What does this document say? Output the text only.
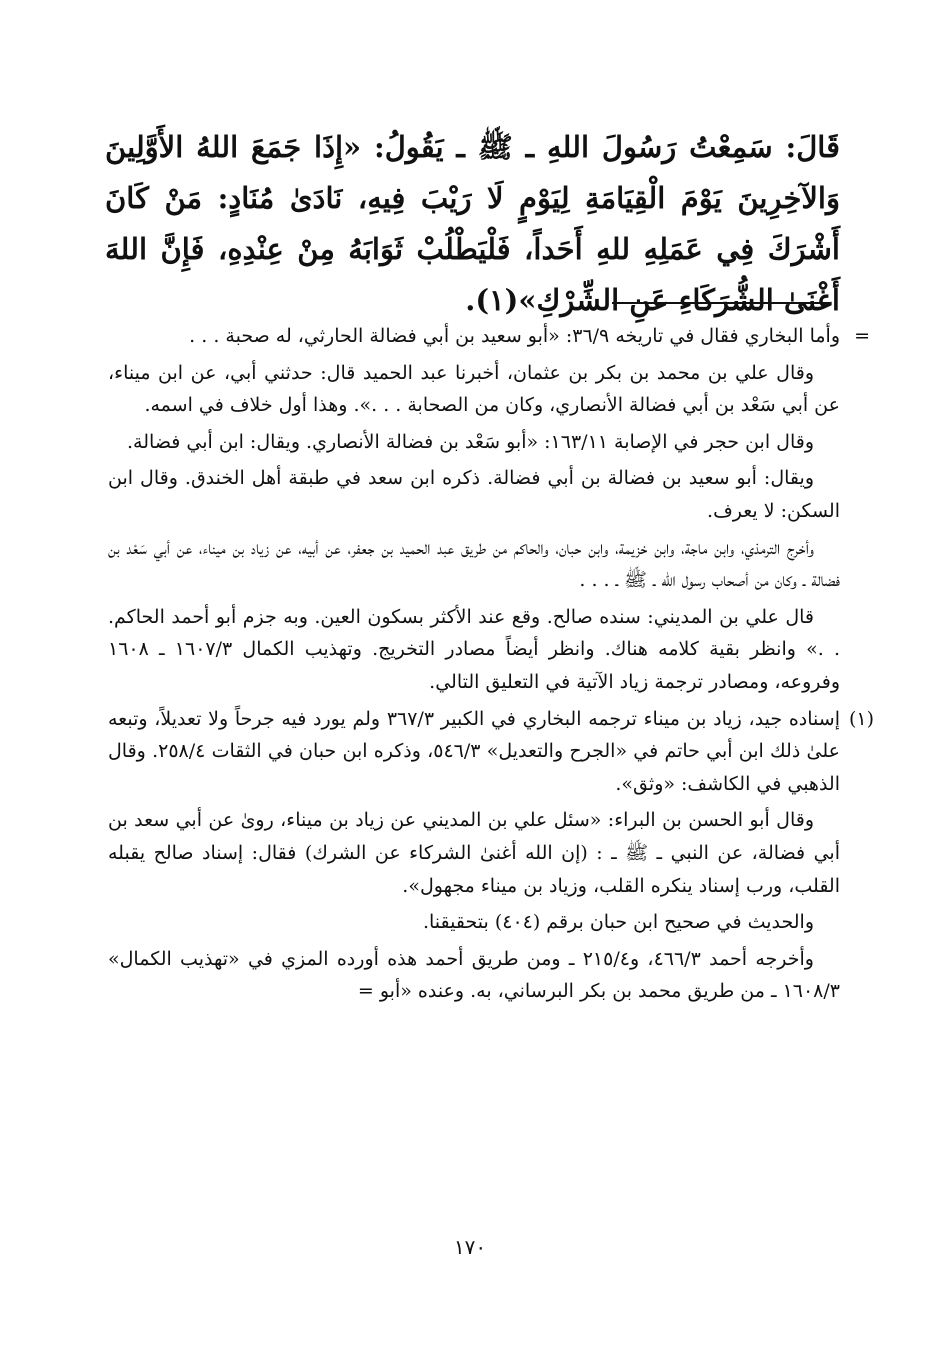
قَالَ: سَمِعْتُ رَسُولَ اللهِ ـ ﷺ ـ يَقُولُ: «إِذَا جَمَعَ اللهُ الأَوَّلِينَ وَالآخِرِينَ يَوْمَ الْقِيَامَةِ لِيَوْمٍ لَا رَيْبَ فِيهِ، نَادَىٰ مُنَادٍ: مَنْ كَانَ أَشْرَكَ فِي عَمَلِهِ للهِ أَحَداً، فَلْيَطْلُبْ ثَوَابَهُ مِنْ عِنْدِهِ، فَإِنَّ اللهَ أَغْنَىٰ الشُّرَكَاءِ عَنِ الشِّرْكِ»(١).

=
وأما البخاري فقال في تاريخه ٣٦/٩: «أبو سعيد بن أبي فضالة الحارثي، له صحبة . . .

وقال علي بن محمد بن بكر بن عثمان، أخبرنا عبد الحميد قال: حدثني أبي، عن ابن ميناء، عن أبي سَعْد بن أبي فضالة الأنصاري، وكان من الصحابة . . .». وهذا أول خلاف في اسمه.

وقال ابن حجر في الإصابة ١٦٣/١١: «أبو سَعْد بن فضالة الأنصاري. ويقال: ابن أبي فضالة.

ويقال: أبو سعيد بن فضالة بن أبي فضالة. ذكره ابن سعد في طبقة أهل الخندق. وقال ابن السكن: لا يعرف.

وأخرج الترمذي، وابن ماجة، وابن خزيمة، وابن حبان، والحاكم من طريق عبد الحميد بن جعفر، عن أبيه، عن زياد بن ميناء، عن أبي سَعْد بن فضالة ـ وكان من أصحاب رسول الله ـ ﷺ ـ . . .

قال علي بن المديني: سنده صالح. وقع عند الأكثر بسكون العين. وبه جزم أبو أحمد الحاكم. . .» وانظر بقية كلامه هناك. وانظر أيضاً مصادر التخريج. وتهذيب الكمال ١٦٠٧/٣ ـ ١٦٠٨ وفروعه، ومصادر ترجمة زياد الآتية في التعليق التالي.

(١)
إسناده جيد، زياد بن ميناء ترجمه البخاري في الكبير ٣٦٧/٣ ولم يورد فيه جرحاً ولا تعديلاً، وتبعه علىٰ ذلك ابن أبي حاتم في «الجرح والتعديل» ٥٤٦/٣، وذكره ابن حبان في الثقات ٢٥٨/٤. وقال الذهبي في الكاشف: «وثق».

وقال أبو الحسن بن البراء: «سئل علي بن المديني عن زياد بن ميناء، روىٰ عن أبي سعد بن أبي فضالة، عن النبي ـ ﷺ ـ : (إن الله أغنىٰ الشركاء عن الشرك) فقال: إسناد صالح يقبله القلب، ورب إسناد ينكره القلب، وزياد بن ميناء مجهول».

والحديث في صحيح ابن حبان برقم (٤٠٤) بتحقيقنا.

وأخرجه أحمد ٤٦٦/٣، و٢١٥/٤ ـ ومن طريق أحمد هذه أورده المزي في «تهذيب الكمال» ١٦٠٨/٣ ـ من طريق محمد بن بكر البرساني، به. وعنده «أبو =

١٧٠
